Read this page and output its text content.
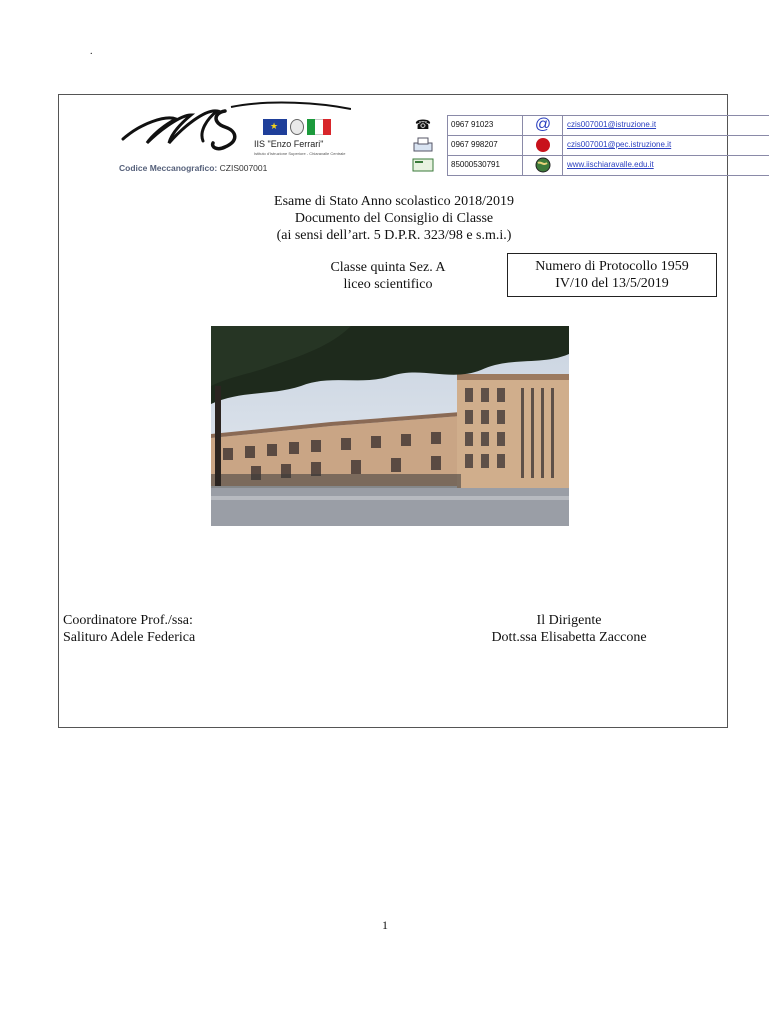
.
★
IIS "Enzo Ferrari"
Istituto d'Istruzione Superiore - Chiaravalle Centrale
Codice Meccanografico: CZIS007001
☎	0967 91023	@	czis007001@istruzione.it
0967 998207	czis007001@pec.istruzione.it
85000530791	www.iischiaravalle.edu.it
Esame di Stato Anno scolastico 2018/2019
Documento del Consiglio di Classe
(ai sensi dell’art. 5 D.P.R. 323/98 e s.m.i.)
Classe quinta Sez. A
liceo scientifico
Numero di Protocollo 1959
IV/10 del 13/5/2019
Coordinatore Prof./ssa:
Salituro Adele Federica
Il Dirigente
Dott.ssa Elisabetta Zaccone
1
